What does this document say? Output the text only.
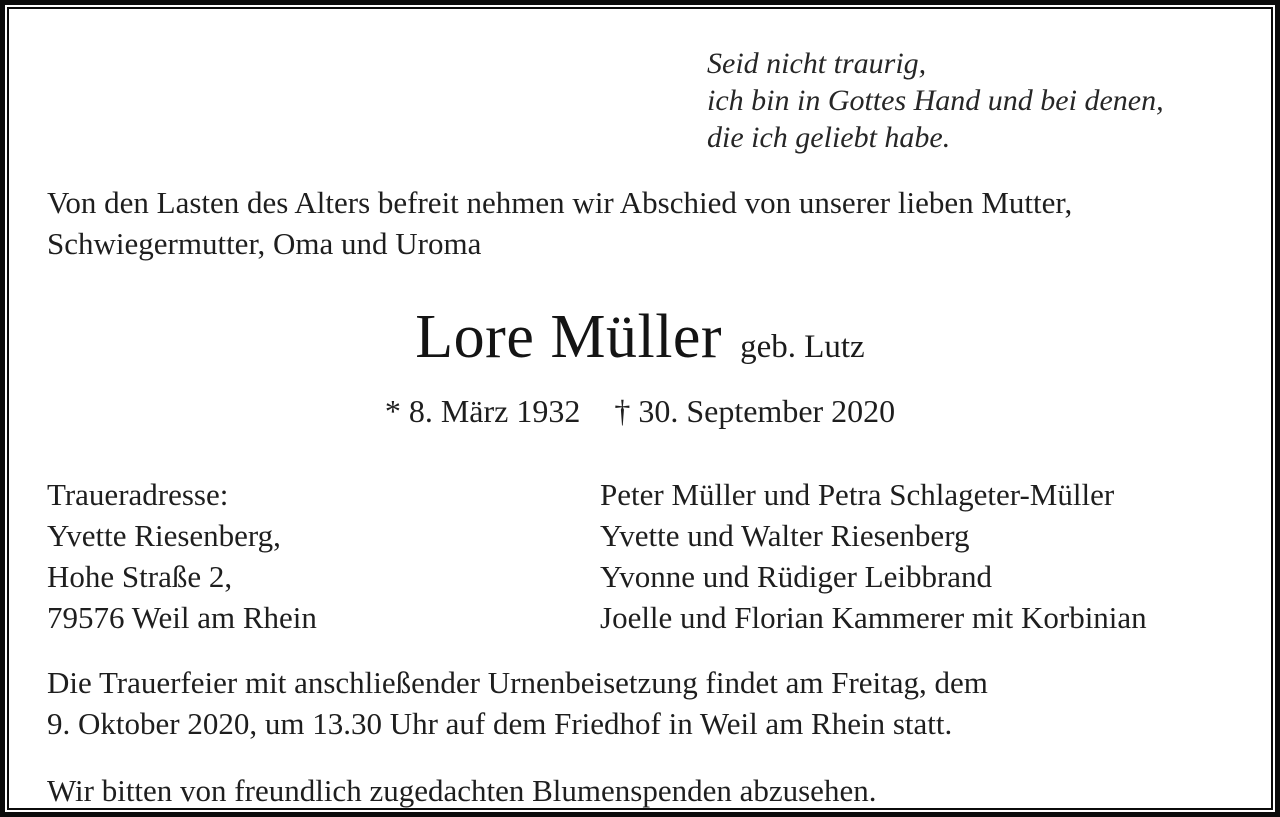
Seid nicht traurig,
ich bin in Gottes Hand und bei denen,
die ich geliebt habe.
Von den Lasten des Alters befreit nehmen wir Abschied von unserer lieben Mutter,
Schwiegermutter, Oma und Uroma
Lore Müller geb. Lutz
* 8. März 1932 † 30. September 2020
Traueradresse:
Yvette Riesenberg,
Hohe Straße 2,
79576 Weil am Rhein
Peter Müller und Petra Schlageter-Müller
Yvette und Walter Riesenberg
Yvonne und Rüdiger Leibbrand
Joelle und Florian Kammerer mit Korbinian
Die Trauerfeier mit anschließender Urnenbeisetzung findet am Freitag, dem
9. Oktober 2020, um 13.30 Uhr auf dem Friedhof in Weil am Rhein statt.
Wir bitten von freundlich zugedachten Blumenspenden abzusehen.
